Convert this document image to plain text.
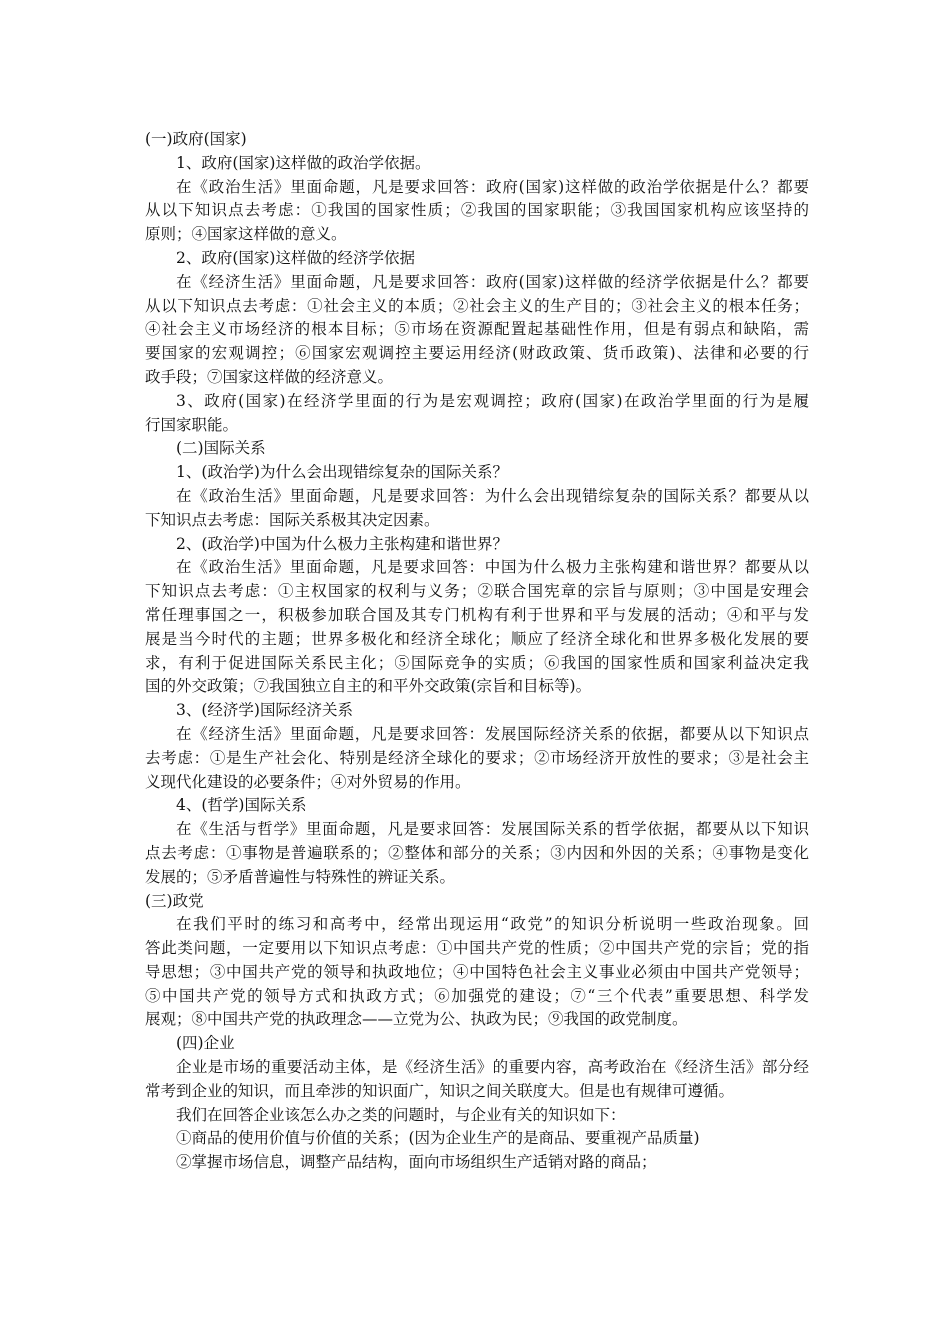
(一)政府(国家)
1、政府(国家)这样做的政治学依据。
在《政治生活》里面命题，凡是要求回答：政府(国家)这样做的政治学依据是什么？都要
从以下知识点去考虑：①我国的国家性质；②我国的国家职能；③我国国家机构应该坚持的
原则；④国家这样做的意义。
2、政府(国家)这样做的经济学依据
在《经济生活》里面命题，凡是要求回答：政府(国家)这样做的经济学依据是什么？都要
从以下知识点去考虑：①社会主义的本质；②社会主义的生产目的；③社会主义的根本任务；
④社会主义市场经济的根本目标；⑤市场在资源配置起基础性作用，但是有弱点和缺陷，需
要国家的宏观调控；⑥国家宏观调控主要运用经济(财政政策、货币政策)、法律和必要的行
政手段；⑦国家这样做的经济意义。
3、政府(国家)在经济学里面的行为是宏观调控；政府(国家)在政治学里面的行为是履
行国家职能。
(二)国际关系
1、(政治学)为什么会出现错综复杂的国际关系？
在《政治生活》里面命题，凡是要求回答：为什么会出现错综复杂的国际关系？都要从以
下知识点去考虑：国际关系极其决定因素。
2、(政治学)中国为什么极力主张构建和谐世界？
在《政治生活》里面命题，凡是要求回答：中国为什么极力主张构建和谐世界？都要从以
下知识点去考虑：①主权国家的权利与义务；②联合国宪章的宗旨与原则；③中国是安理会
常任理事国之一，积极参加联合国及其专门机构有利于世界和平与发展的活动；④和平与发
展是当今时代的主题；世界多极化和经济全球化；顺应了经济全球化和世界多极化发展的要
求，有利于促进国际关系民主化；⑤国际竞争的实质；⑥我国的国家性质和国家利益决定我
国的外交政策；⑦我国独立自主的和平外交政策(宗旨和目标等)。
3、(经济学)国际经济关系
在《经济生活》里面命题，凡是要求回答：发展国际经济关系的依据，都要从以下知识点
去考虑：①是生产社会化、特别是经济全球化的要求；②市场经济开放性的要求；③是社会主
义现代化建设的必要条件；④对外贸易的作用。
4、(哲学)国际关系
在《生活与哲学》里面命题，凡是要求回答：发展国际关系的哲学依据，都要从以下知识
点去考虑：①事物是普遍联系的；②整体和部分的关系；③内因和外因的关系；④事物是变化
发展的；⑤矛盾普遍性与特殊性的辨证关系。
(三)政党
在我们平时的练习和高考中，经常出现运用“政党”的知识分析说明一些政治现象。回
答此类问题，一定要用以下知识点考虑：①中国共产党的性质；②中国共产党的宗旨；党的指
导思想；③中国共产党的领导和执政地位；④中国特色社会主义事业必须由中国共产党领导；
⑤中国共产党的领导方式和执政方式；⑥加强党的建设；⑦“三个代表”重要思想、科学发
展观；⑧中国共产党的执政理念——立党为公、执政为民；⑨我国的政党制度。
(四)企业
企业是市场的重要活动主体，是《经济生活》的重要内容，高考政治在《经济生活》部分经
常考到企业的知识，而且牵涉的知识面广，知识之间关联度大。但是也有规律可遵循。
我们在回答企业该怎么办之类的问题时，与企业有关的知识如下：
①商品的使用价值与价值的关系；(因为企业生产的是商品、要重视产品质量)
②掌握市场信息，调整产品结构，面向市场组织生产适销对路的商品；
